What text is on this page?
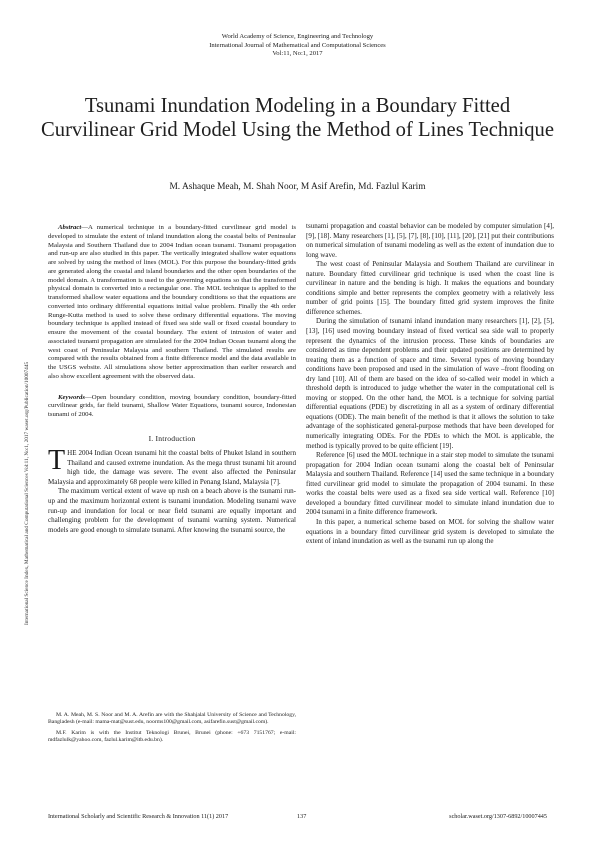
World Academy of Science, Engineering and Technology
International Journal of Mathematical and Computational Sciences
Vol:11, No:1, 2017
Tsunami Inundation Modeling in a Boundary Fitted Curvilinear Grid Model Using the Method of Lines Technique
M. Ashaque Meah, M. Shah Noor, M Asif Arefin, Md. Fazlul Karim
International Science Index, Mathematical and Computational Sciences Vol:11, No:1, 2017 waset.org/Publication/10007445

Abstract—A numerical technique in a boundary-fitted curvilinear grid model is developed to simulate the extent of inland inundation along the coastal belts of Peninsular Malaysia and Southern Thailand due to 2004 Indian ocean tsunami. Tsunami propagation and run-up are also studied in this paper. The vertically integrated shallow water equations are solved by using the method of lines (MOL). For this purpose the boundary-fitted grids are generated along the coastal and island boundaries and the other open boundaries of the model domain. A transformation is used to the governing equations so that the transformed physical domain is converted into a rectangular one. The MOL technique is applied to the transformed shallow water equations and the boundary conditions so that the equations are converted into ordinary differential equations initial value problem. Finally the 4th order Runge-Kutta method is used to solve these ordinary differential equations. The moving boundary technique is applied instead of fixed sea side wall or fixed coastal boundary to ensure the movement of the coastal boundary. The extent of intrusion of water and associated tsunami propagation are simulated for the 2004 Indian Ocean tsunami along the west coast of Peninsular Malaysia and southern Thailand. The simulated results are compared with the results obtained from a finite difference model and the data available in the USGS website. All simulations show better approximation than earlier research and also show excellent agreement with the observed data.

Keywords—Open boundary condition, moving boundary condition, boundary-fitted curvilinear grids, far field tsunami, Shallow Water Equations, tsunami source, Indonesian tsunami of 2004.

I. Introduction

THE 2004 Indian Ocean tsunami hit the coastal belts of Phuket Island in southern Thailand and caused extreme inundation. As the mega thrust tsunami hit around high tide, the damage was severe. The event also affected the Peninsular Malaysia and approximately 68 people were killed in Penang Island, Malaysia [7].

The maximum vertical extent of wave up rush on a beach above is the tsunami run-up and the maximum horizontal extent is tsunami inundation. Modeling tsunami wave run-up and inundation for local or near field tsunami are equally important and challenging problem for the development of tsunami warning system. Numerical models are good enough to simulate tsunami. After knowing the tsunami source, the

M. A. Meah, M. S. Noor and M. A. Arefin are with the Shahjalal University of Science and Technology, Bangladesh (e-mail: mama-mat@sust.edu, noorms100@gmail.com, asifarefin.sust@gmail.com).

M.F. Karim is with the Institut Teknologi Brunei, Brunei (phone: +673 7151767; e-mail: mdfazlulk@yahoo.com, fazlul.karim@itb.edu.bn).

tsunami propagation and coastal behavior can be modeled by computer simulation [4], [9], [18]. Many researchers [1], [5], [7], [8], [10], [11], [20], [21] put their contributions on numerical simulation of tsunami modeling as well as the extent of inundation due to long wave.

The west coast of Peninsular Malaysia and Southern Thailand are curvilinear in nature. Boundary fitted curvilinear grid technique is used when the coast line is curvilinear in nature and the bending is high. It makes the equations and boundary conditions simple and better represents the complex geometry with a relatively less number of grid points [15]. The boundary fitted grid system improves the finite difference schemes.

During the simulation of tsunami inland inundation many researchers [1], [2], [5], [13], [16] used moving boundary instead of fixed vertical sea side wall to properly represent the dynamics of the intrusion process. These kinds of boundaries are considered as time dependent problems and their updated positions are determined by treating them as a function of space and time. Several types of moving boundary conditions have been proposed and used in the simulation of wave –front flooding on dry land [10]. All of them are based on the idea of so-called weir model in which a threshold depth is introduced to judge whether the water in the computational cell is moving or stopped. On the other hand, the MOL is a technique for solving partial differential equations (PDE) by discretizing in all as a system of ordinary differential equations (ODE). The main benefit of the method is that it allows the solution to take advantage of the sophisticated general-purpose methods that have been developed for numerically integrating ODEs. For the PDEs to which the MOL is applicable, the method is typically proved to be quite efficient [19].

Reference [6] used the MOL technique in a stair step model to simulate the tsunami propagation for 2004 Indian ocean tsunami along the coastal belt of Peninsular Malaysia and southern Thailand. Reference [14] used the same technique in a boundary fitted curvilinear grid model to simulate the propagation of 2004 tsunami. In these works the coastal belts were used as a fixed sea side vertical wall. Reference [10] developed a boundary fitted curvilinear model to simulate inland inundation due to 2004 tsunami in a finite difference framework.

In this paper, a numerical scheme based on MOL for solving the shallow water equations in a boundary fitted curvilinear grid system is developed to simulate the extent of inland inundation as well as the tsunami run up along the

International Scholarly and Scientific Research & Innovation 11(1) 2017	137	scholar.waset.org/1307-6892/10007445
